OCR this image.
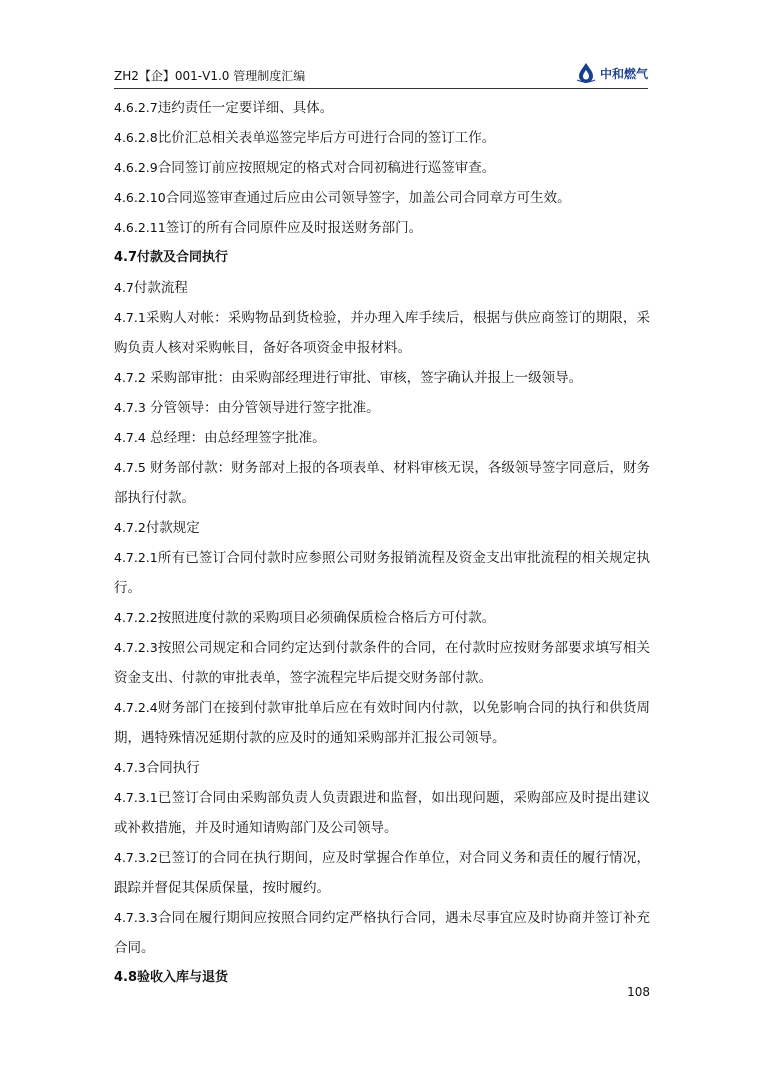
ZH2【企】001-V1.0 管理制度汇编	中和燃气

4.6.2.7违约责任一定要详细、具体。

4.6.2.8比价汇总相关表单巡签完毕后方可进行合同的签订工作。

4.6.2.9合同签订前应按照规定的格式对合同初稿进行巡签审查。

4.6.2.10合同巡签审查通过后应由公司领导签字，加盖公司合同章方可生效。

4.6.2.11签订的所有合同原件应及时报送财务部门。

4.7付款及合同执行

4.7付款流程

4.7.1采购人对帐：采购物品到货检验，并办理入库手续后，根据与供应商签订的期限，采购负责人核对采购帐目，备好各项资金申报材料。

4.7.2 采购部审批：由采购部经理进行审批、审核，签字确认并报上一级领导。

4.7.3 分管领导：由分管领导进行签字批准。

4.7.4 总经理：由总经理签字批准。

4.7.5 财务部付款：财务部对上报的各项表单、材料审核无误，各级领导签字同意后，财务部执行付款。

4.7.2付款规定

4.7.2.1所有已签订合同付款时应参照公司财务报销流程及资金支出审批流程的相关规定执行。

4.7.2.2按照进度付款的采购项目必须确保质检合格后方可付款。

4.7.2.3按照公司规定和合同约定达到付款条件的合同，在付款时应按财务部要求填写相关资金支出、付款的审批表单，签字流程完毕后提交财务部付款。

4.7.2.4财务部门在接到付款审批单后应在有效时间内付款，以免影响合同的执行和供货周期，遇特殊情况延期付款的应及时的通知采购部并汇报公司领导。

4.7.3合同执行

4.7.3.1已签订合同由采购部负责人负责跟进和监督，如出现问题，采购部应及时提出建议或补救措施，并及时通知请购部门及公司领导。

4.7.3.2已签订的合同在执行期间，应及时掌握合作单位，对合同义务和责任的履行情况，跟踪并督促其保质保量，按时履约。

4.7.3.3合同在履行期间应按照合同约定严格执行合同，遇未尽事宜应及时协商并签订补充合同。

4.8验收入库与退货

108
